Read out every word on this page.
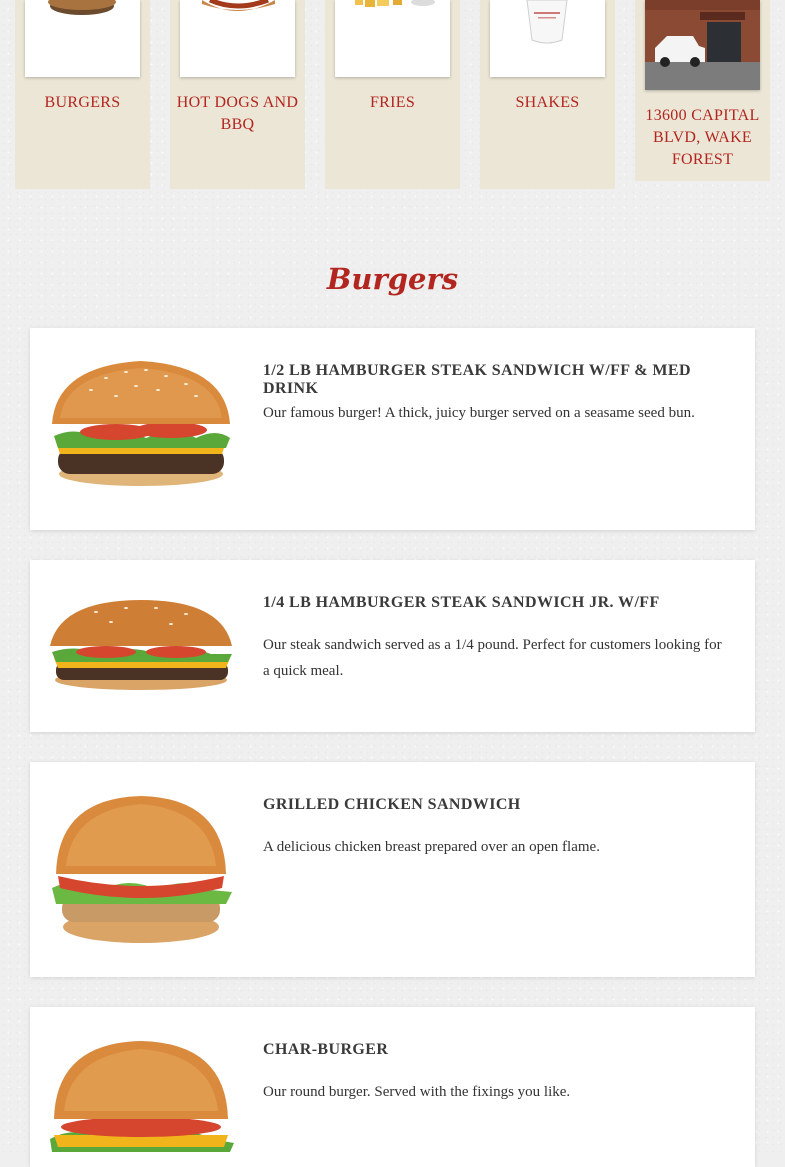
BURGERS	HOT DOGS AND BBQ
FRIES	SHAKES
13600 CAPITAL BLVD, WAKE FOREST
Burgers
1/2 LB HAMBURGER STEAK SANDWICH W/FF & MED DRINK
Our famous burger! A thick, juicy burger served on a seasame seed bun.
1/4 LB HAMBURGER STEAK SANDWICH JR. W/FF
Our steak sandwich served as a 1/4 pound. Perfect for customers looking for a quick meal.
GRILLED CHICKEN SANDWICH
A delicious chicken breast prepared over an open flame.
CHAR-BURGER
Our round burger. Served with the fixings you like.
